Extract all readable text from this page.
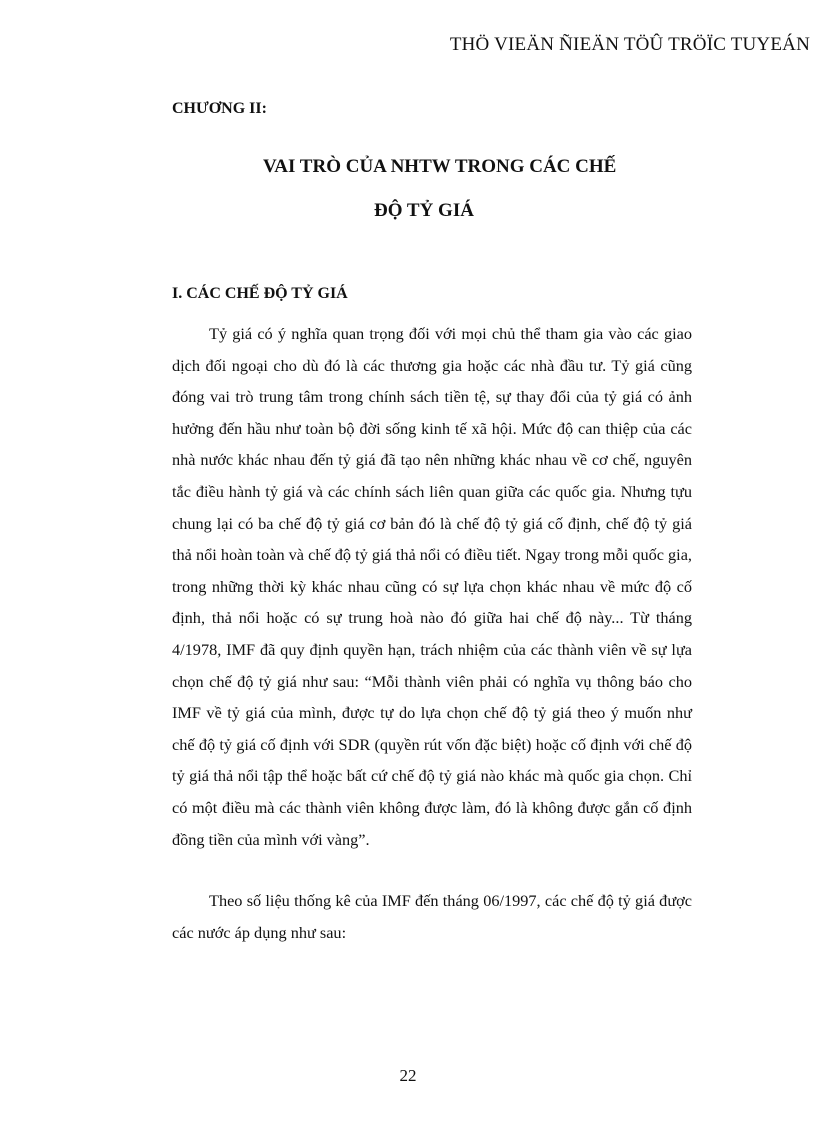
THÖ VIEÄN ÑIEÄN TÖÛ TRÖÏC TUYEÁN
CHƯƠNG II:
VAI TRÒ CỦA NHTW TRONG CÁC CHẾ
ĐỘ TỶ GIÁ
I. CÁC CHẾ ĐỘ TỶ GIÁ

Tỷ giá có ý nghĩa quan trọng đối với mọi chủ thể tham gia vào các giao dịch đối ngoại cho dù đó là các thương gia hoặc các nhà đầu tư. Tỷ giá cũng đóng vai trò trung tâm trong chính sách tiền tệ, sự thay đổi của tỷ giá có ảnh hưởng đến hầu như toàn bộ đời sống kinh tế xã hội. Mức độ can thiệp của các nhà nước khác nhau đến tỷ giá đã tạo nên những khác nhau về cơ chế, nguyên tắc điều hành tỷ giá và các chính sách liên quan giữa các quốc gia. Nhưng tựu chung lại có ba chế độ tỷ giá cơ bản đó là chế độ tỷ giá cố định, chế độ tỷ giá thả nổi hoàn toàn và chế độ tỷ giá thả nổi có điều tiết. Ngay trong mỗi quốc gia, trong những thời kỳ khác nhau cũng có sự lựa chọn khác nhau về mức độ cố định, thả nổi hoặc có sự trung hoà nào đó giữa hai chế độ này... Từ tháng 4/1978, IMF đã quy định quyền hạn, trách nhiệm của các thành viên về sự lựa chọn chế độ tỷ giá như sau: “Mỗi thành viên phải có nghĩa vụ thông báo cho IMF về tỷ giá của mình, được tự do lựa chọn chế độ tỷ giá theo ý muốn như chế độ tỷ giá cố định với SDR (quyền rút vốn đặc biệt) hoặc cố định với chế độ tỷ giá thả nổi tập thể hoặc bất cứ chế độ tỷ giá nào khác mà quốc gia chọn. Chỉ có một điều mà các thành viên không được làm, đó là không được gắn cố định đồng tiền của mình với vàng”.

Theo số liệu thống kê của IMF đến tháng 06/1997, các chế độ tỷ giá được các nước áp dụng như sau:

22
